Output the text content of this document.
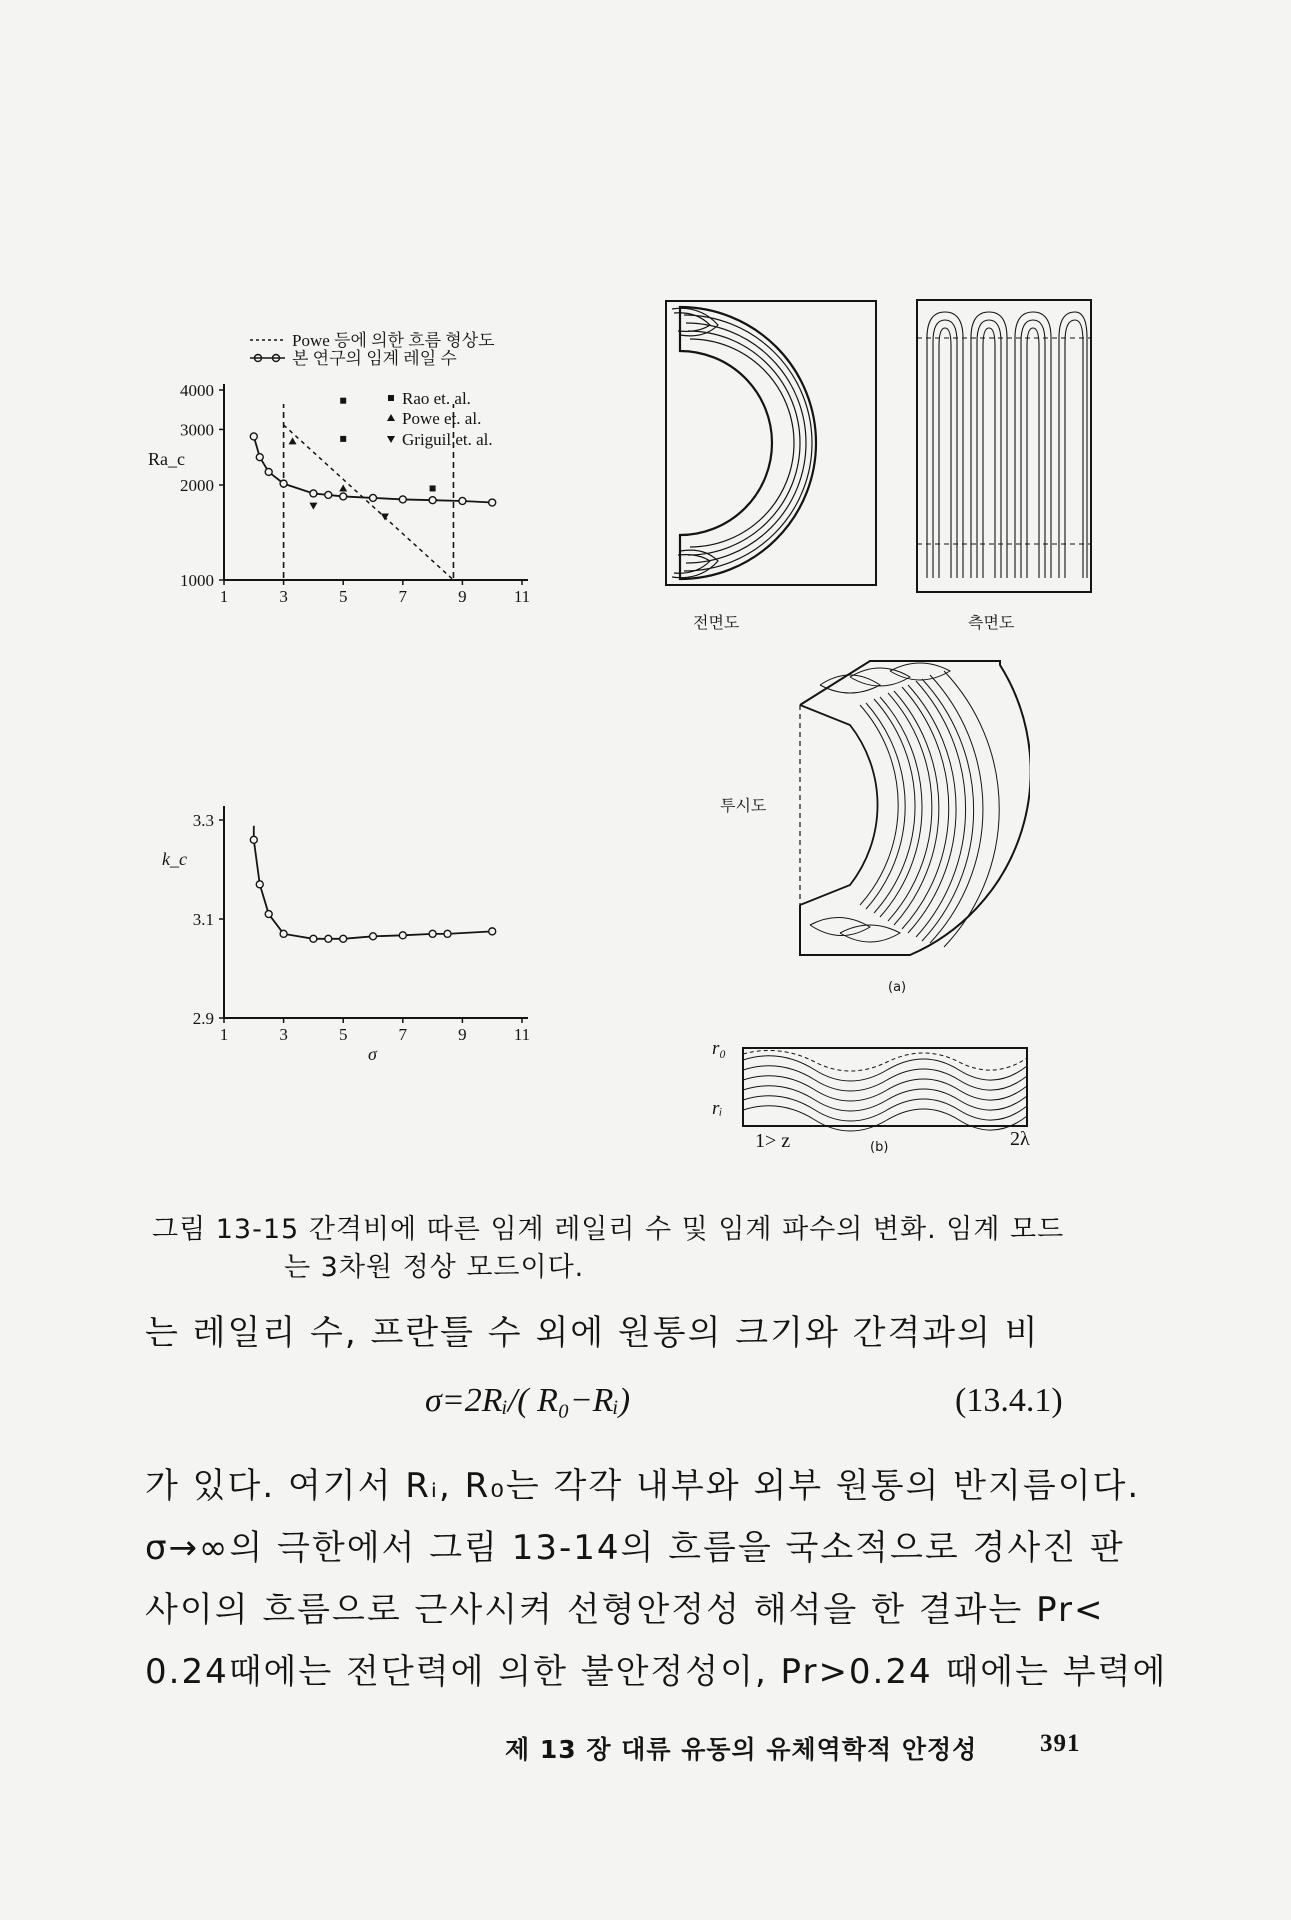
4000
3000
2000
1000
1	3	5	7	9	11
Powe 등에 의한 흐름 형상도
본 연구의 임계 레일 수
Rao et. al.
Powe et. al.
Griguil et. al.
Ra_c
3.3
3.1
2.9
1	3	5	7	9	11
k_c
σ
전면도	측면도
투시도
(a)
r₀
rᵢ
1> z	(b)	2λ
그림 13-15 간격비에 따른 임계 레일리 수 및 임계 파수의 변화. 임계 모드
는 3차원 정상 모드이다.
는 레일리 수, 프란틀 수 외에 원통의 크기와 간격과의 비
σ=2Rᵢ/( R₀−Rᵢ)	(13.4.1)
가 있다. 여기서 Rᵢ, R₀는 각각 내부와 외부 원통의 반지름이다.
σ→∞의 극한에서 그림 13-14의 흐름을 국소적으로 경사진 판
사이의 흐름으로 근사시켜 선형안정성 해석을 한 결과는 Pr<
0.24때에는 전단력에 의한 불안정성이, Pr>0.24 때에는 부력에
제 13 장 대류 유동의 유체역학적 안정성	391
